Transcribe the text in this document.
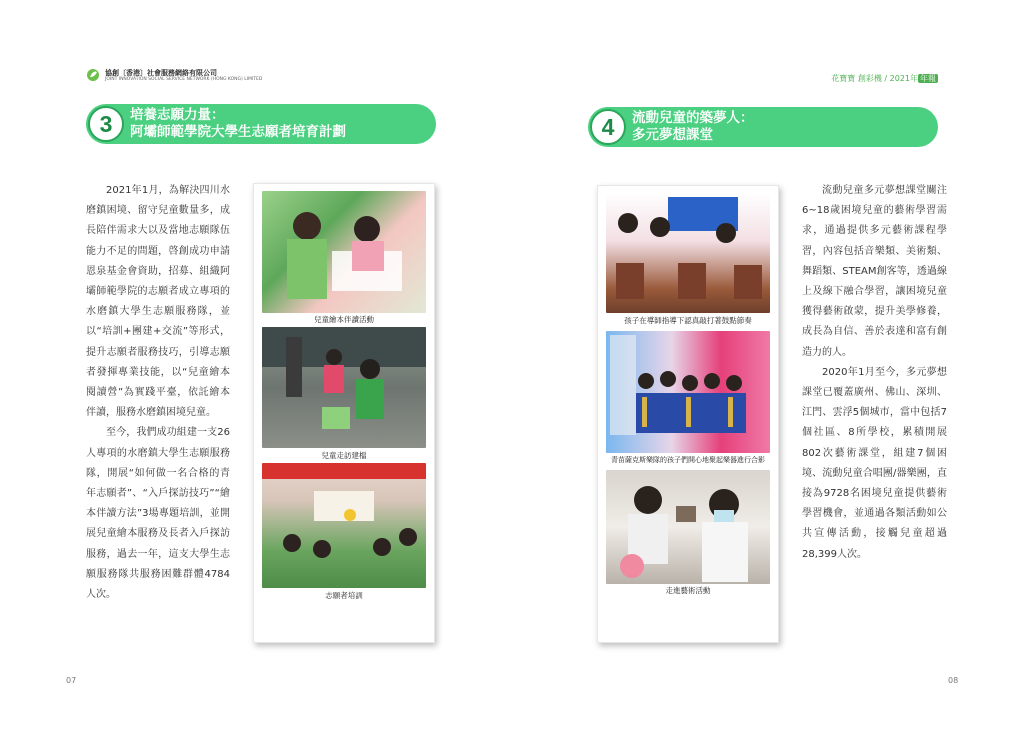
協創〔香港〕社會服務網絡有限公司
JOINT INNOVATION SOCIAL SERVICE NETWORK (HONG KONG) LIMITED	花寶寶 創彩機 / 2021年 年報
3	培養志願力量：
阿壩師範學院大學生志願者培育計劃

2021年1月，為解決四川水磨鎮困境、留守兒童數量多，成長陪伴需求大以及當地志願隊伍能力不足的問題，啓創成功申請恩泉基金會資助，招募、組織阿壩師範學院的志願者成立專項的水磨鎮大學生志願服務隊，並以“培訓+團建+交流”等形式，提升志願者服務技巧，引導志願者發揮專業技能，以“兒童繪本閱讀營”為實踐平臺，依託繪本伴讀，服務水磨鎮困境兒童。

至今，我們成功組建一支26人專項的水磨鎮大學生志願服務隊，開展“如何做一名合格的青年志願者”、“入戶探訪技巧”“繪本伴讀方法”3場專題培訓，並開展兒童繪本服務及長者入戶探訪服務，過去一年，這支大學生志願服務隊共服務困難群體4784人次。

兒童繪本伴讀活動
兒童走訪建檔
志願者培訓
07
4	流動兒童的築夢人：
多元夢想課堂
孩子在導師指導下認真敲打著鼓點節奏
青苗薩克斯樂隊的孩子們開心地聚起樂器進行合影
走進藝術活動

流動兒童多元夢想課堂關注6~18歲困境兒童的藝術學習需求，通過提供多元藝術課程學習，內容包括音樂類、美術類、舞蹈類、STEAM創客等，透過線上及線下融合學習，讓困境兒童獲得藝術啟蒙，提升美學修養，成長為自信、善於表達和富有創造力的人。

2020年1月至今，多元夢想課堂已覆蓋廣州、佛山、深圳、江門、雲浮5個城市，當中包括7個社區、8所學校，累積開展802次藝術課堂，組建7個困境、流動兒童合唱團/器樂團，直接為9728名困境兒童提供藝術學習機會，並通過各類活動如公共宣傳活動，接觸兒童超過28,399人次。

08
